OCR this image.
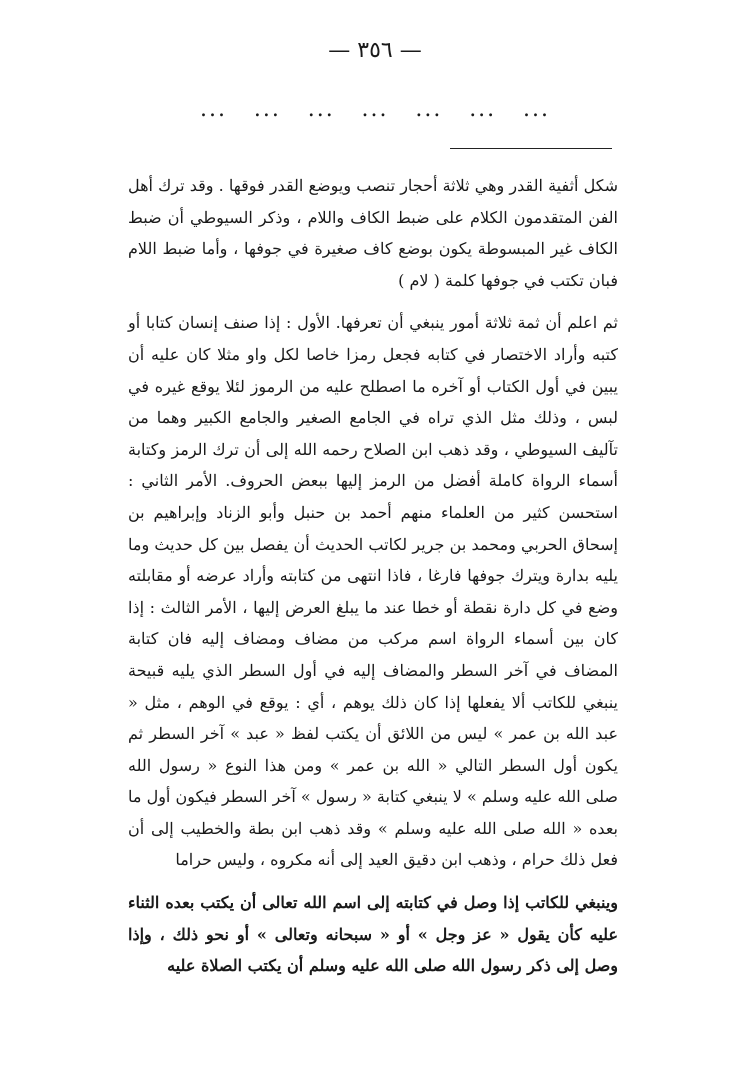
— ٣٥٦ —
...
...
...
...
...
...
...

شكل أثفية القدر وهي ثلاثة أحجار تنصب ويوضع القدر فوقها . وقد ترك أهل الفن المتقدمون الكلام على ضبط الكاف واللام ، وذكر السيوطي أن ضبط الكاف غير المبسوطة يكون بوضع كاف صغيرة في جوفها ، وأما ضبط اللام فبان تكتب في جوفها كلمة ( لام )

ثم اعلم أن ثمة ثلاثة أمور ينبغي أن تعرفها. الأول : إذا صنف إنسان كتابا أو كتبه وأراد الاختصار في كتابه فجعل رمزا خاصا لكل واو مثلا كان عليه أن يبين في أول الكتاب أو آخره ما اصطلح عليه من الرموز لئلا يوقع غيره في لبس ، وذلك مثل الذي تراه في الجامع الصغير والجامع الكبير وهما من تآليف السيوطي ، وقد ذهب ابن الصلاح رحمه الله إلى أن ترك الرمز وكتابة أسماء الرواة كاملة أفضل من الرمز إليها ببعض الحروف. الأمر الثاني : استحسن كثير من العلماء منهم أحمد بن حنبل وأبو الزناد وإبراهيم بن إسحاق الحربي ومحمد بن جرير لكاتب الحديث أن يفصل بين كل حديث وما يليه بدارة ويترك جوفها فارغا ، فاذا انتهى من كتابته وأراد عرضه أو مقابلته وضع في كل دارة نقطة أو خطا عند ما يبلغ العرض إليها ، الأمر الثالث : إذا كان بين أسماء الرواة اسم مركب من مضاف ومضاف إليه فان كتابة المضاف في آخر السطر والمضاف إليه في أول السطر الذي يليه قبيحة ينبغي للكاتب ألا يفعلها إذا كان ذلك يوهم ، أي : يوقع في الوهم ، مثل « عبد الله بن عمر » ليس من اللائق أن يكتب لفظ « عبد » آخر السطر ثم يكون أول السطر التالي « الله بن عمر » ومن هذا النوع « رسول الله صلى الله عليه وسلم » لا ينبغي كتابة « رسول » آخر السطر فيكون أول ما بعده « الله صلى الله عليه وسلم » وقد ذهب ابن بطة والخطيب إلى أن فعل ذلك حرام ، وذهب ابن دقيق العيد إلى أنه مكروه ، وليس حراما

وينبغي للكاتب إذا وصل في كتابته إلى اسم الله تعالى أن يكتب بعده الثناء عليه كأن يقول « عز وجل » أو « سبحانه وتعالى » أو نحو ذلك ، وإذا وصل إلى ذكر رسول الله صلى الله عليه وسلم أن يكتب الصلاة عليه
